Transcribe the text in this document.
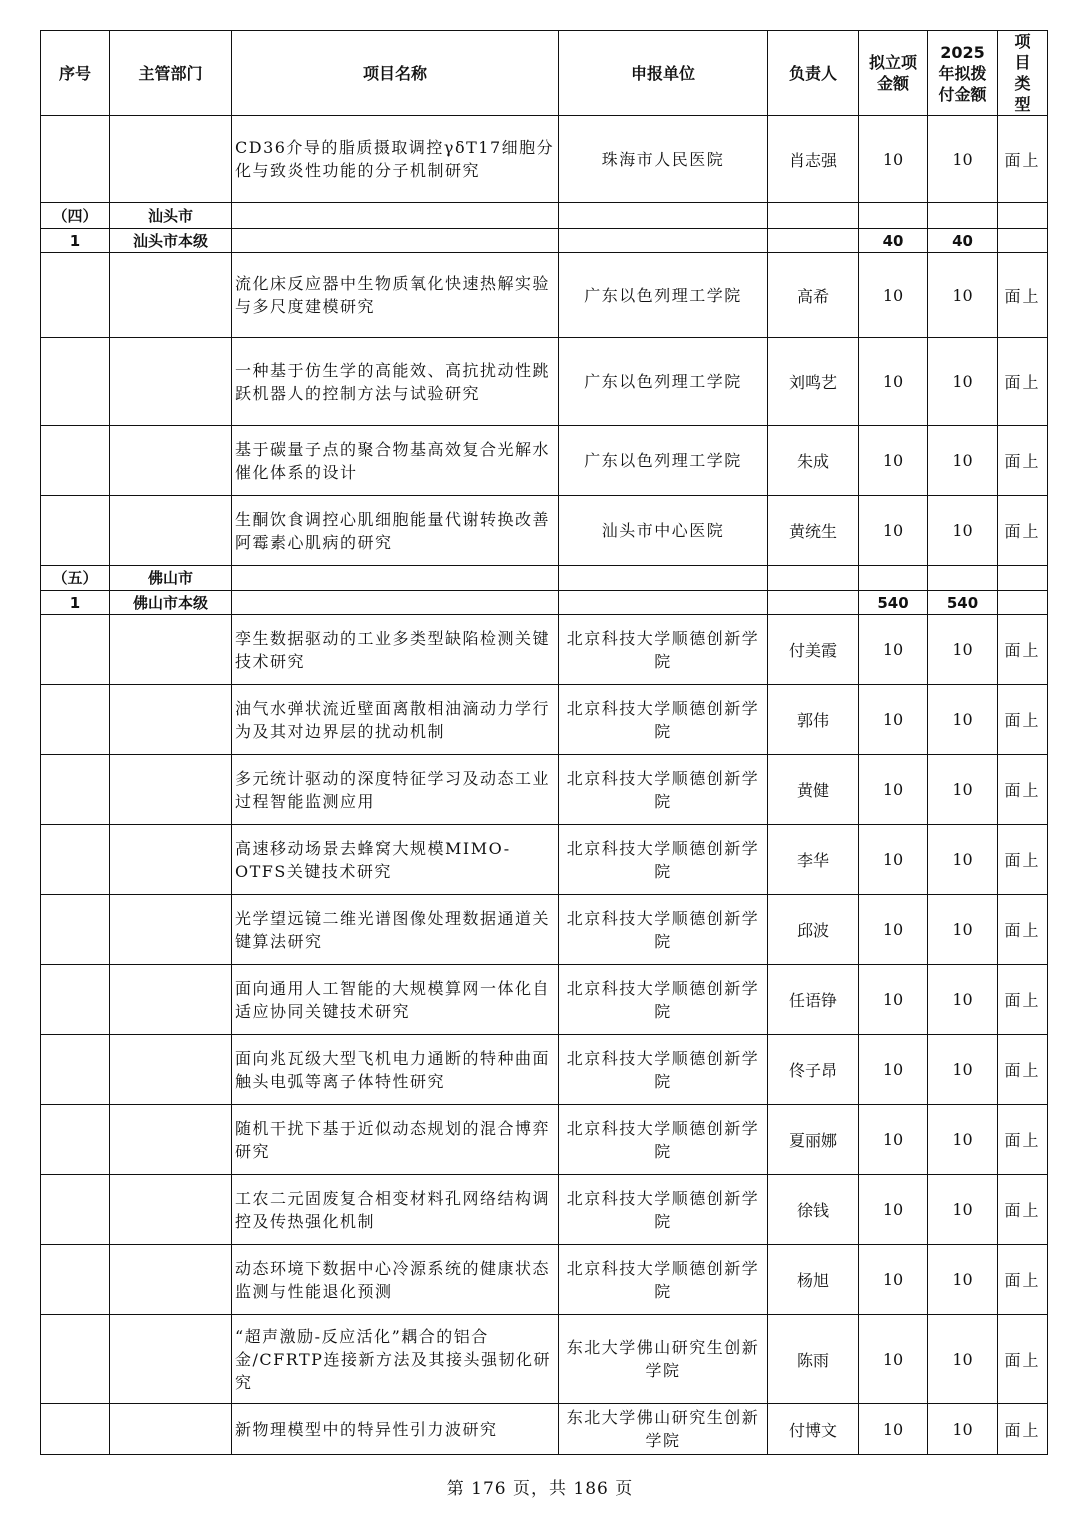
序号	主管部门	项目名称	申报单位	负责人	拟立项金额	2025年拟拨付金额	项目类型
		CD36介导的脂质摄取调控γδT17细胞分化与致炎性功能的分子机制研究	珠海市人民医院	肖志强	10	10	面上
（四）	汕头市						
1	汕头市本级				40	40	
		流化床反应器中生物质氧化快速热解实验与多尺度建模研究	广东以色列理工学院	高希	10	10	面上
		一种基于仿生学的高能效、高抗扰动性跳跃机器人的控制方法与试验研究	广东以色列理工学院	刘鸣艺	10	10	面上
		基于碳量子点的聚合物基高效复合光解水催化体系的设计	广东以色列理工学院	朱成	10	10	面上
		生酮饮食调控心肌细胞能量代谢转换改善阿霉素心肌病的研究	汕头市中心医院	黄统生	10	10	面上
（五）	佛山市						
1	佛山市本级				540	540	
		孪生数据驱动的工业多类型缺陷检测关键技术研究	北京科技大学顺德创新学院	付美霞	10	10	面上
		油气水弹状流近壁面离散相油滴动力学行为及其对边界层的扰动机制	北京科技大学顺德创新学院	郭伟	10	10	面上
		多元统计驱动的深度特征学习及动态工业过程智能监测应用	北京科技大学顺德创新学院	黄健	10	10	面上
		高速移动场景去蜂窝大规模MIMO-OTFS关键技术研究	北京科技大学顺德创新学院	李华	10	10	面上
		光学望远镜二维光谱图像处理数据通道关键算法研究	北京科技大学顺德创新学院	邱波	10	10	面上
		面向通用人工智能的大规模算网一体化自适应协同关键技术研究	北京科技大学顺德创新学院	任语铮	10	10	面上
		面向兆瓦级大型飞机电力通断的特种曲面触头电弧等离子体特性研究	北京科技大学顺德创新学院	佟子昂	10	10	面上
		随机干扰下基于近似动态规划的混合博弈研究	北京科技大学顺德创新学院	夏丽娜	10	10	面上
		工农二元固废复合相变材料孔网络结构调控及传热强化机制	北京科技大学顺德创新学院	徐钱	10	10	面上
		动态环境下数据中心冷源系统的健康状态监测与性能退化预测	北京科技大学顺德创新学院	杨旭	10	10	面上
		“超声激励-反应活化”耦合的铝合金/CFRTP连接新方法及其接头强韧化研究	东北大学佛山研究生创新学院	陈雨	10	10	面上
		新物理模型中的特异性引力波研究	东北大学佛山研究生创新学院	付博文	10	10	面上
第 176 页，共 186 页
